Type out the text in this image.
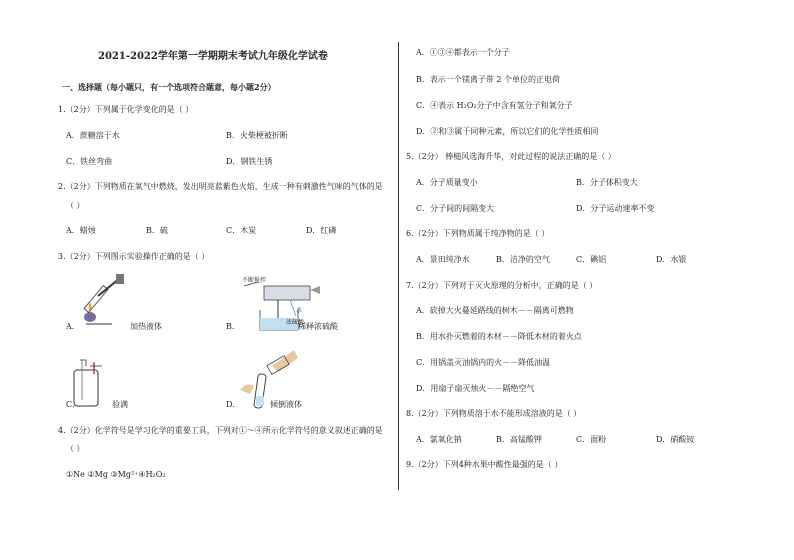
2021-2022学年第一学期期末考试九年级化学试卷
一、选择题（每小题只，有一个选项符合题意，每小题2分）
1.（2分）下列属于化学变化的是（ ）
A．蔗糖溶于水	B．火柴梗被折断
C．铁丝弯曲	D．钢铁生锈
2.（2分）下列物质在氧气中燃烧，发出明亮蓝紫色火焰，生成一种有刺激性气味的气体的是
（ ）
A．蜡烛	B．硫	C．木炭	D．红磷
3.（2分）下列图示实验操作正确的是（ ）
A．	加热液体
不断搅拌
水
浓硫酸
B．	稀释浓硫酸
C．	验满	D．	倾倒液体
4.（2分）化学符号是学习化学的重要工具，下列对①～④所示化学符号的意义叙述正确的是
（ ）
①Ne ②Mg ③Mg²⁺④H₂O₂
A．①③④都表示一个分子
B．表示一个镁离子带 2 个单位的正电荷
C．④表示 H₂O₂分子中含有氢分子和氧分子
D．②和③属于同种元素，所以它们的化学性质相同
5.（2分） 棒槌风选海升华，对此过程的说法正确的是（ ）
A．分子质量变小	B．分子体积变大
C．分子间的间隔变大	D．分子运动速率不变
6.（2分）下列物质属于纯净物的是（ ）
A．景田纯净水	B．洁净的空气	C．碘铝	D．水银
7.（2分）下列对于灭火原理的分析中，正确的是（ ）
A．砍掉大火蔓延路线的树木－－隔离可燃物
B．用水扑灭燃着的木材－－降低木材的着火点
C．用锅盖灭油锅内的火－－降低油温
D．用扇子扇灭烛火－－隔绝空气
8.（2分）下列物质溶于水不能形成溶液的是（ ）
A．氯氧化钠	B．高锰酸钾	C．面粉	D．硝酸铵
9.（2分）下列4种水果中酸性最强的是（ ）
